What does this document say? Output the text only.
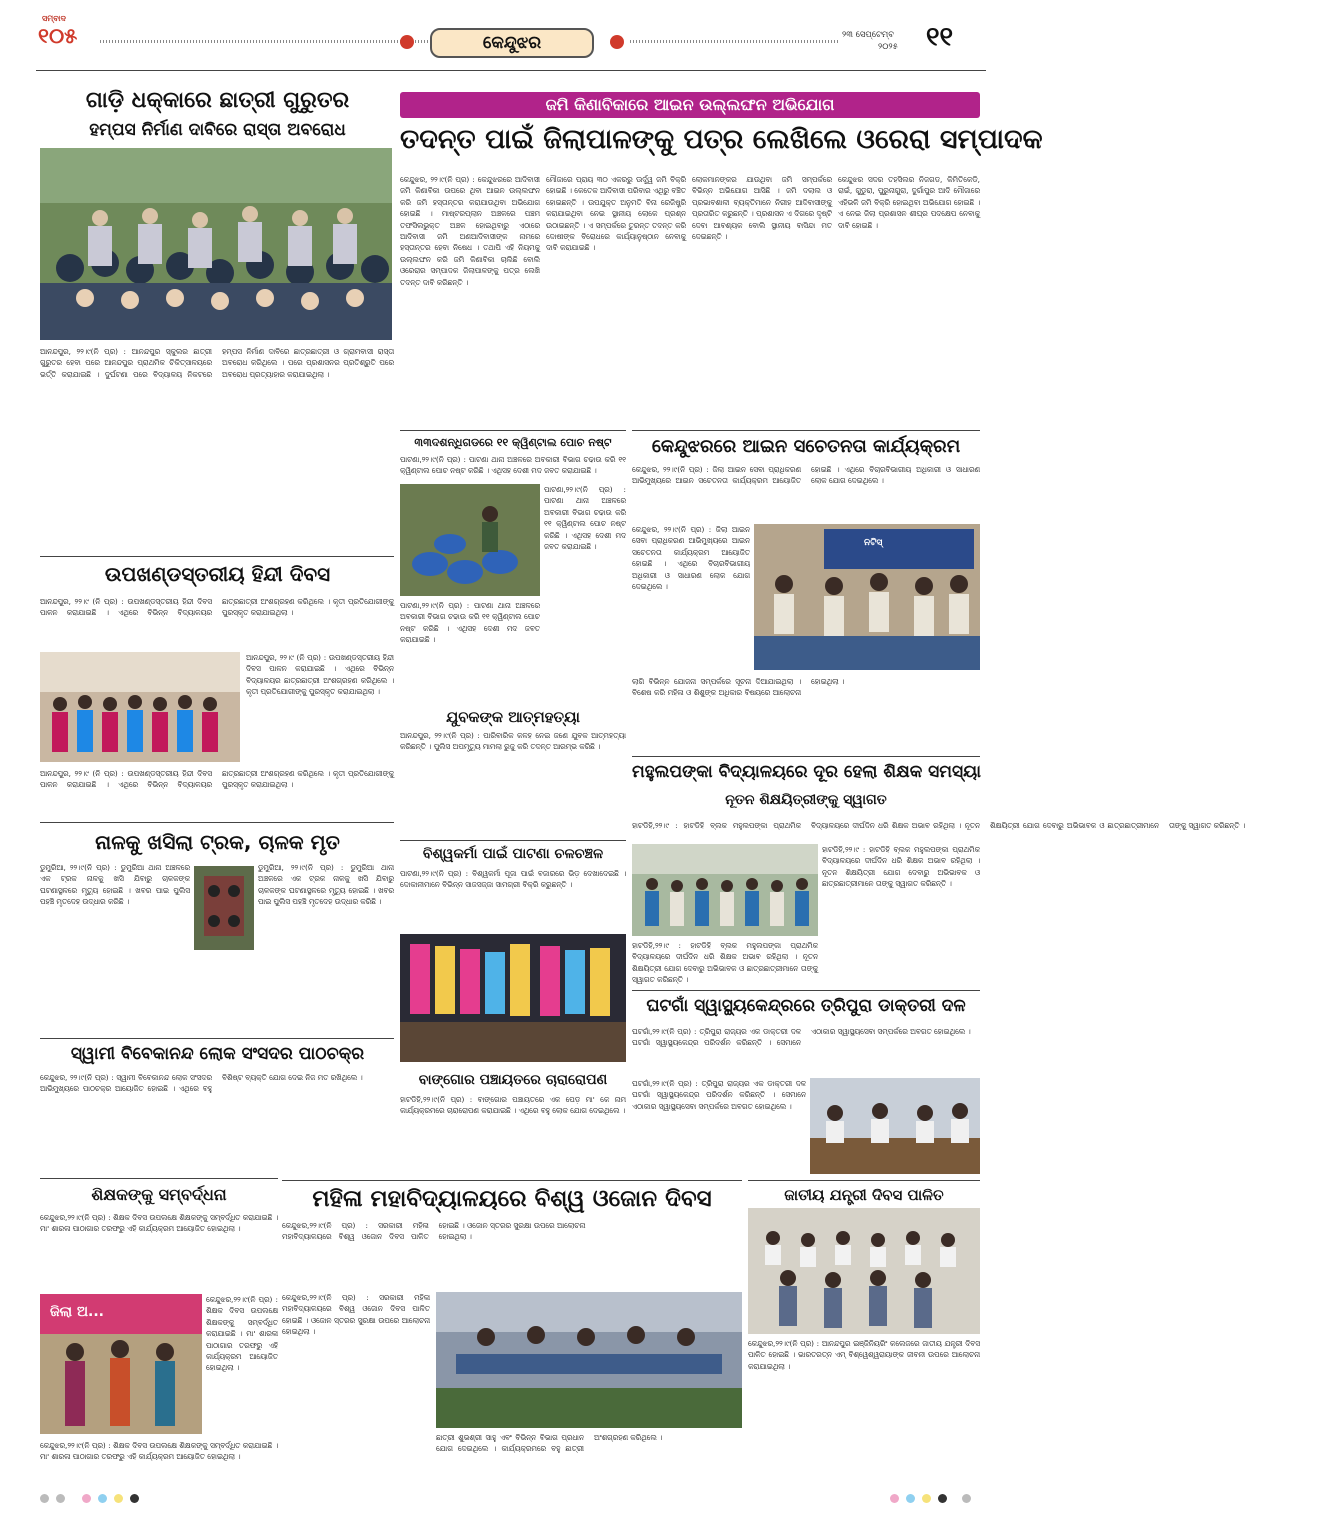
ସମ୍ବାଦ
୧୦୫	କେନ୍ଦୁଝର	୨୩ ସେପ୍ଟେମ୍ବ
୨୦୨୫ ୧୧
ଗାଡ଼ି ଧକ୍କାରେ ଛାତ୍ରୀ ଗୁରୁତର
ହମ୍ପସ ନିର୍ମାଣ ଦାବିରେ ରାସ୍ତା ଅବରୋଧ
ଆନନ୍ଦପୁର, ୨୨।୯(ନି ପ୍ର) : ଆନନ୍ଦପୁର ସ୍କୁଲର ଛାତ୍ରୀ ଗୁରୁତର ହେବା ପରେ ଆନନ୍ଦପୁର ପ୍ରାଥମିକ ଚିକିତ୍ସାଳୟରେ ଭର୍ତ୍ତି କରାଯାଇଛି । ଦୁର୍ଘଟଣା ପରେ ବିଦ୍ୟାଳୟ ନିକଟରେ ହମ୍ପସ ନିର୍ମାଣ ଦାବିରେ ଛାତ୍ରଛାତ୍ରୀ ଓ ଗ୍ରାମବାସୀ ରାସ୍ତା ଅବରୋଧ କରିଥିଲେ । ପରେ ପ୍ରଶାସନର ପ୍ରତିଶ୍ରୁତି ପରେ ଅବରୋଧ ପ୍ରତ୍ୟାହାର କରାଯାଇଥିଲା ।
ଉପଖଣ୍ଡସ୍ତରୀୟ ହିନ୍ଦୀ ଦିବସ
ଆନନ୍ଦପୁର, ୨୨।୯ (ନି ପ୍ର) : ଉପଖଣ୍ଡସ୍ତରୀୟ ହିନ୍ଦୀ ଦିବସ ପାଳନ କରାଯାଇଛି । ଏଥିରେ ବିଭିନ୍ନ ବିଦ୍ୟାଳୟର ଛାତ୍ରଛାତ୍ରୀ ଅଂଶଗ୍ରହଣ କରିଥିଲେ । କୃତୀ ପ୍ରତିଯୋଗୀଙ୍କୁ ପୁରସ୍କୃତ କରାଯାଇଥିଲା ।
ଆନନ୍ଦପୁର, ୨୨।୯ (ନି ପ୍ର) : ଉପଖଣ୍ଡସ୍ତରୀୟ ହିନ୍ଦୀ ଦିବସ ପାଳନ କରାଯାଇଛି । ଏଥିରେ ବିଭିନ୍ନ ବିଦ୍ୟାଳୟର ଛାତ୍ରଛାତ୍ରୀ ଅଂଶଗ୍ରହଣ କରିଥିଲେ । କୃତୀ ପ୍ରତିଯୋଗୀଙ୍କୁ ପୁରସ୍କୃତ କରାଯାଇଥିଲା ।
ଆନନ୍ଦପୁର, ୨୨।୯ (ନି ପ୍ର) : ଉପଖଣ୍ଡସ୍ତରୀୟ ହିନ୍ଦୀ ଦିବସ ପାଳନ କରାଯାଇଛି । ଏଥିରେ ବିଭିନ୍ନ ବିଦ୍ୟାଳୟର ଛାତ୍ରଛାତ୍ରୀ ଅଂଶଗ୍ରହଣ କରିଥିଲେ । କୃତୀ ପ୍ରତିଯୋଗୀଙ୍କୁ ପୁରସ୍କୃତ କରାଯାଇଥିଲା ।
ନାଳକୁ ଖସିଲା ଟ୍ରକ, ଚାଳକ ମୃତ
ଡୁମୁରିଆ, ୨୨।୯(ନି ପ୍ର) : ଡୁମୁରିଆ ଥାନା ଅଞ୍ଚଳରେ ଏକ ଟ୍ରକ ନାଳକୁ ଖସି ଯିବାରୁ ଚାଳକଙ୍କ ଘଟଣାସ୍ଥଳରେ ମୃତ୍ୟୁ ହୋଇଛି । ଖବର ପାଇ ପୁଲିସ ପହଞ୍ଚି ମୃତଦେହ ଉଦ୍ଧାର କରିଛି ।
ଡୁମୁରିଆ, ୨୨।୯(ନି ପ୍ର) : ଡୁମୁରିଆ ଥାନା ଅଞ୍ଚଳରେ ଏକ ଟ୍ରକ ନାଳକୁ ଖସି ଯିବାରୁ ଚାଳକଙ୍କ ଘଟଣାସ୍ଥଳରେ ମୃତ୍ୟୁ ହୋଇଛି । ଖବର ପାଇ ପୁଲିସ ପହଞ୍ଚି ମୃତଦେହ ଉଦ୍ଧାର କରିଛି ।
ସ୍ୱାମୀ ବିବେକାନନ୍ଦ ଲୋକ ସଂସଦର ପାଠଚକ୍ର
କେନ୍ଦୁଝର, ୨୨।୯(ନି ପ୍ର) : ସ୍ୱାମୀ ବିବେକାନନ୍ଦ ଲୋକ ସଂସଦର ଆଭିମୁଖ୍ୟରେ ପାଠଚକ୍ର ଆୟୋଜିତ ହୋଇଛି । ଏଥିରେ ବହୁ ବିଶିଷ୍ଟ ବ୍ୟକ୍ତି ଯୋଗ ଦେଇ ନିଜ ମତ ରଖିଥିଲେ ।
ଶିକ୍ଷକଙ୍କୁ ସମ୍ବର୍ଦ୍ଧନା
କେନ୍ଦୁଝର,୨୨।୯(ନି ପ୍ର) : ଶିକ୍ଷକ ଦିବସ ଉପଲକ୍ଷେ ଶିକ୍ଷକଙ୍କୁ ସମ୍ବର୍ଦ୍ଧିତ କରାଯାଇଛି । ମା' ଶାରଳା ପାଠାଗାର ତରଫରୁ ଏହି କାର୍ଯ୍ୟକ୍ରମ ଆୟୋଜିତ ହୋଇଥିଲା ।
ଜିଲା ଅ...
କେନ୍ଦୁଝର,୨୨।୯(ନି ପ୍ର) : ଶିକ୍ଷକ ଦିବସ ଉପଲକ୍ଷେ ଶିକ୍ଷକଙ୍କୁ ସମ୍ବର୍ଦ୍ଧିତ କରାଯାଇଛି । ମା' ଶାରଳା ପାଠାଗାର ତରଫରୁ ଏହି କାର୍ଯ୍ୟକ୍ରମ ଆୟୋଜିତ ହୋଇଥିଲା ।
କେନ୍ଦୁଝର,୨୨।୯(ନି ପ୍ର) : ଶିକ୍ଷକ ଦିବସ ଉପଲକ୍ଷେ ଶିକ୍ଷକଙ୍କୁ ସମ୍ବର୍ଦ୍ଧିତ କରାଯାଇଛି । ମା' ଶାରଳା ପାଠାଗାର ତରଫରୁ ଏହି କାର୍ଯ୍ୟକ୍ରମ ଆୟୋଜିତ ହୋଇଥିଲା ।
ଜମି କିଣାବିକାରେ ଆଇନ ଉଲ୍ଲଙ୍ଘନ ଅଭିଯୋଗ
ତଦନ୍ତ ପାଇଁ ଜିଲାପାଳଙ୍କୁ ପତ୍ର ଲେଖିଲେ ଓରେରା ସମ୍ପାଦକ
କେନ୍ଦୁଝର, ୨୨।୯(ନି ପ୍ର) : କେନ୍ଦୁଝରରେ ଆଦିବାସୀ ଜମି କିଣାବିକା ଉପରେ ଥିବା ଆଇନ ଉଲ୍ଲଙ୍ଘନ କରି ଜମି ହସ୍ତାନ୍ତର କରାଯାଉଥିବା ଅଭିଯୋଗ ହୋଇଛି । ମାଷ୍ଟରପ୍ଲାନ ଅଞ୍ଚଳରେ ପଞ୍ଚମ ତଫସିଲଭୁକ୍ତ ଅଞ୍ଚଳ ହୋଇଥିବାରୁ ଏଠାରେ ଆଦିବାସୀ ଜମି ଅଣଆଦିବାସୀଙ୍କ ନାମରେ ହସ୍ତାନ୍ତର ହେବା ନିଷେଧ । ତଥାପି ଏହି ନିୟମକୁ ଉଲ୍ଲଙ୍ଘନ କରି ଜମି କିଣାବିକା ଚାଲିଛି ବୋଲି ଓରେରାର ସମ୍ପାଦକ ଜିଲାପାଳଙ୍କୁ ପତ୍ର ଲେଖି ତଦନ୍ତ ଦାବି କରିଛନ୍ତି ।
ମୌଜାରେ ପ୍ରାୟ ୩୦ ଏକରରୁ ଊର୍ଦ୍ଧ୍ୱ ଜମି ବିକ୍ରି ହୋଇଛି । କେତେକ ଆଦିବାସୀ ପରିବାର ଏଥିରୁ ବଞ୍ଚିତ ହୋଇଛନ୍ତି । ଉପଯୁକ୍ତ ଅନୁମତି ବିନା ରେଜିଷ୍ଟ୍ରି କରାଯାଇଥିବା ନେଇ ସ୍ଥାନୀୟ ଲୋକେ ପ୍ରଶ୍ନ ଉଠାଇଛନ୍ତି । ଏ ସମ୍ପର୍କରେ ତୁରନ୍ତ ତଦନ୍ତ କରି ଦୋଷୀଙ୍କ ବିରୋଧରେ କାର୍ଯ୍ୟାନୁଷ୍ଠାନ ନେବାକୁ ଦାବି କରାଯାଇଛି ।
ଲୋକମାନଙ୍କର ଯାଉଥିବା ଜମି ସମ୍ପର୍କରେ ବିଭିନ୍ନ ଅଭିଯୋଗ ଆସିଛି । ଜମି ଦଲାଲ ଓ ପ୍ରଭାବଶାଳୀ ବ୍ୟକ୍ତିମାନେ ନିରୀହ ଆଦିବାସୀଙ୍କୁ ପ୍ରତାରିତ କରୁଛନ୍ତି । ପ୍ରଶାସନ ଏ ଦିଗରେ ଦୃଷ୍ଟି ଦେବା ଆବଶ୍ୟକ ବୋଲି ସ୍ଥାନୀୟ ବାସିନ୍ଦା ମତ ଦେଇଛନ୍ତି ।
କେନ୍ଦୁଝର ସଦର ତହସିଲର ନିଜଗଡ, କିମିତିକେଡି, ରାଇଁ, ଗୁଡୁରା, ପୁରୁନାଗୁରା, ଦୁର୍ଗାପୁର ଆଦି ମୌଜାରେ ଏହିଭଳି ଜମି ବିକ୍ରି ହୋଇଥିବା ଅଭିଯୋଗ ହୋଇଛି । ଏ ନେଇ ଜିଲା ପ୍ରଶାସନ ଶୀଘ୍ର ପଦକ୍ଷେପ ନେବାକୁ ଦାବି ହୋଇଛି ।
୩୩ଦଶନ୍ଧିଗଡରେ ୧୧ କ୍ୱିଣ୍ଟାଲ ପୋଚ ନଷ୍ଟ
ପାଟଣା,୨୨।୯(ନି ପ୍ର) : ପାଟଣା ଥାନା ଅଞ୍ଚଳରେ ଅବକାରୀ ବିଭାଗ ଚଢାଉ କରି ୧୧ କ୍ୱିଣ୍ଟାଲ ପୋଚ ନଷ୍ଟ କରିଛି । ଏଥିସହ ଦେଶୀ ମଦ ଜବତ କରାଯାଇଛି ।
ପାଟଣା,୨୨।୯(ନି ପ୍ର) : ପାଟଣା ଥାନା ଅଞ୍ଚଳରେ ଅବକାରୀ ବିଭାଗ ଚଢାଉ କରି ୧୧ କ୍ୱିଣ୍ଟାଲ ପୋଚ ନଷ୍ଟ କରିଛି । ଏଥିସହ ଦେଶୀ ମଦ ଜବତ କରାଯାଇଛି ।
ପାଟଣା,୨୨।୯(ନି ପ୍ର) : ପାଟଣା ଥାନା ଅଞ୍ଚଳରେ ଅବକାରୀ ବିଭାଗ ଚଢାଉ କରି ୧୧ କ୍ୱିଣ୍ଟାଲ ପୋଚ ନଷ୍ଟ କରିଛି । ଏଥିସହ ଦେଶୀ ମଦ ଜବତ କରାଯାଇଛି ।
ଯୁବକଙ୍କ ଆତ୍ମହତ୍ୟା
ଆନନ୍ଦପୁର, ୨୨।୯(ନି ପ୍ର) : ପାରିବାରିକ କଳହ ନେଇ ଜଣେ ଯୁବକ ଆତ୍ମହତ୍ୟା କରିଛନ୍ତି । ପୁଲିସ ଅପମୃତ୍ୟୁ ମାମଲା ରୁଜୁ କରି ତଦନ୍ତ ଆରମ୍ଭ କରିଛି ।
ବିଶ୍ୱକର୍ମା ପାଇଁ ପାଟଣା ଚଳଚଞ୍ଚଳ
ପାଟଣା,୨୨।୯(ନି ପ୍ର) : ବିଶ୍ୱକର୍ମା ପୂଜା ପାଇଁ ବଜାରରେ ଭିଡ଼ ଦେଖାଦେଇଛି । ଦୋକାନୀମାନେ ବିଭିନ୍ନ ସାଜସଜ୍ଜା ସାମଗ୍ରୀ ବିକ୍ରି କରୁଛନ୍ତି ।
ବାଙ୍ଗୋର ପଞ୍ଚାୟତରେ ଚାରାରୋପଣ
ହାଟଡିହି,୨୨।୯(ନି ପ୍ର) : ବାଙ୍ଗୋର ପଞ୍ଚାୟତରେ ଏକ ପେଡ଼ ମା' କେ ନାମ କାର୍ଯ୍ୟକ୍ରମରେ ଚାରାରୋପଣ କରାଯାଇଛି । ଏଥିରେ ବହୁ ଲୋକ ଯୋଗ ଦେଇଥିଲେ ।
କେନ୍ଦୁଝରରେ ଆଇନ ସଚେତନତା କାର୍ଯ୍ୟକ୍ରମ
କେନ୍ଦୁଝର, ୨୨।୯(ନି ପ୍ର) : ଜିଲା ଆଇନ ସେବା ପ୍ରାଧିକରଣ ଆଭିମୁଖ୍ୟରେ ଆଇନ ସଚେତନତା କାର୍ଯ୍ୟକ୍ରମ ଆୟୋଜିତ ହୋଇଛି । ଏଥିରେ ବିଚାରବିଭାଗୀୟ ଅଧିକାରୀ ଓ ସାଧାରଣ ଲୋକ ଯୋଗ ଦେଇଥିଲେ ।
କେନ୍ଦୁଝର, ୨୨।୯(ନି ପ୍ର) : ଜିଲା ଆଇନ ସେବା ପ୍ରାଧିକରଣ ଆଭିମୁଖ୍ୟରେ ଆଇନ ସଚେତନତା କାର୍ଯ୍ୟକ୍ରମ ଆୟୋଜିତ ହୋଇଛି । ଏଥିରେ ବିଚାରବିଭାଗୀୟ ଅଧିକାରୀ ଓ ସାଧାରଣ ଲୋକ ଯୋଗ ଦେଇଥିଲେ ।
ନଟିସ୍
ଲାଗି ବିଭିନ୍ନ ଯୋଜନା ସମ୍ପର୍କରେ ସୂଚନା ଦିଆଯାଇଥିଲା । ବିଶେଷ କରି ମହିଳା ଓ ଶିଶୁଙ୍କ ଅଧିକାର ବିଷୟରେ ଆଲୋଚନା ହୋଇଥିଲା ।
ମହୁଲପଙ୍କା ବିଦ୍ୟାଳୟରେ ଦୂର ହେଲା ଶିକ୍ଷକ ସମସ୍ୟା
ନୂତନ ଶିକ୍ଷୟିତ୍ରୀଙ୍କୁ ସ୍ୱାଗତ
ହାଟଡିହି,୨୨।୯ : ହାଟଡିହି ବ୍ଲକ ମହୁଲପଙ୍କା ପ୍ରାଥମିକ ବିଦ୍ୟାଳୟରେ ଦୀର୍ଘଦିନ ଧରି ଶିକ୍ଷକ ଅଭାବ ରହିଥିଲା । ନୂତନ ଶିକ୍ଷୟିତ୍ରୀ ଯୋଗ ଦେବାରୁ ଅଭିଭାବକ ଓ ଛାତ୍ରଛାତ୍ରୀମାନେ ତାଙ୍କୁ ସ୍ୱାଗତ କରିଛନ୍ତି ।
ହାଟଡିହି,୨୨।୯ : ହାଟଡିହି ବ୍ଲକ ମହୁଲପଙ୍କା ପ୍ରାଥମିକ ବିଦ୍ୟାଳୟରେ ଦୀର୍ଘଦିନ ଧରି ଶିକ୍ଷକ ଅଭାବ ରହିଥିଲା । ନୂତନ ଶିକ୍ଷୟିତ୍ରୀ ଯୋଗ ଦେବାରୁ ଅଭିଭାବକ ଓ ଛାତ୍ରଛାତ୍ରୀମାନେ ତାଙ୍କୁ ସ୍ୱାଗତ କରିଛନ୍ତି ।
ହାଟଡିହି,୨୨।୯ : ହାଟଡିହି ବ୍ଲକ ମହୁଲପଙ୍କା ପ୍ରାଥମିକ ବିଦ୍ୟାଳୟରେ ଦୀର୍ଘଦିନ ଧରି ଶିକ୍ଷକ ଅଭାବ ରହିଥିଲା । ନୂତନ ଶିକ୍ଷୟିତ୍ରୀ ଯୋଗ ଦେବାରୁ ଅଭିଭାବକ ଓ ଛାତ୍ରଛାତ୍ରୀମାନେ ତାଙ୍କୁ ସ୍ୱାଗତ କରିଛନ୍ତି ।
ଘଟଗାଁ ସ୍ୱାସ୍ଥ୍ୟକେନ୍ଦ୍ରରେ ତ୍ରିପୁରା ଡାକ୍ତରୀ ଦଳ
ଘଟଗାଁ,୨୨।୯(ନି ପ୍ର) : ତ୍ରିପୁରା ରାଜ୍ୟର ଏକ ଡାକ୍ତରୀ ଦଳ ଘଟଗାଁ ସ୍ୱାସ୍ଥ୍ୟକେନ୍ଦ୍ର ପରିଦର୍ଶନ କରିଛନ୍ତି । ସେମାନେ ଏଠାକାର ସ୍ୱାସ୍ଥ୍ୟସେବା ସମ୍ପର୍କରେ ଅବଗତ ହୋଇଥିଲେ ।
ଘଟଗାଁ,୨୨।୯(ନି ପ୍ର) : ତ୍ରିପୁରା ରାଜ୍ୟର ଏକ ଡାକ୍ତରୀ ଦଳ ଘଟଗାଁ ସ୍ୱାସ୍ଥ୍ୟକେନ୍ଦ୍ର ପରିଦର୍ଶନ କରିଛନ୍ତି । ସେମାନେ ଏଠାକାର ସ୍ୱାସ୍ଥ୍ୟସେବା ସମ୍ପର୍କରେ ଅବଗତ ହୋଇଥିଲେ ।
ମହିଳା ମହାବିଦ୍ୟାଳୟରେ ବିଶ୍ୱ ଓଜୋନ ଦିବସ
କେନ୍ଦୁଝର,୨୨।୯(ନି ପ୍ର) : ସରକାରୀ ମହିଳା ମହାବିଦ୍ୟାଳୟରେ ବିଶ୍ୱ ଓଜୋନ ଦିବସ ପାଳିତ ହୋଇଛି । ଓଜୋନ ସ୍ତରର ସୁରକ୍ଷା ଉପରେ ଆଲୋଚନା ହୋଇଥିଲା ।
କେନ୍ଦୁଝର,୨୨।୯(ନି ପ୍ର) : ସରକାରୀ ମହିଳା ମହାବିଦ୍ୟାଳୟରେ ବିଶ୍ୱ ଓଜୋନ ଦିବସ ପାଳିତ ହୋଇଛି । ଓଜୋନ ସ୍ତରର ସୁରକ୍ଷା ଉପରେ ଆଲୋଚନା ହୋଇଥିଲା ।
ଛାତ୍ରୀ ଶୁଭଶ୍ରୀ ସାହୁ ଏବଂ ବିଭିନ୍ନ ବିଭାଗ ପ୍ରଧାନ ଯୋଗ ଦେଇଥିଲେ । କାର୍ଯ୍ୟକ୍ରମରେ ବହୁ ଛାତ୍ରୀ ଅଂଶଗ୍ରହଣ କରିଥିଲେ ।
ଜାତୀୟ ଯନ୍ତ୍ରୀ ଦିବସ ପାଳିତ
କେନ୍ଦୁଝର,୨୨।୯(ନି ପ୍ର) : ଆନନ୍ଦପୁର ଇଞ୍ଜିନିୟରିଂ କଲେଜରେ ଜାତୀୟ ଯନ୍ତ୍ରୀ ଦିବସ ପାଳିତ ହୋଇଛି । ଭାରତରତ୍ନ ଏମ୍‌ ବିଶ୍ୱେଶ୍ୱରାୟାଙ୍କ ଜୀବନୀ ଉପରେ ଆଲୋଚନା କରାଯାଇଥିଲା ।
